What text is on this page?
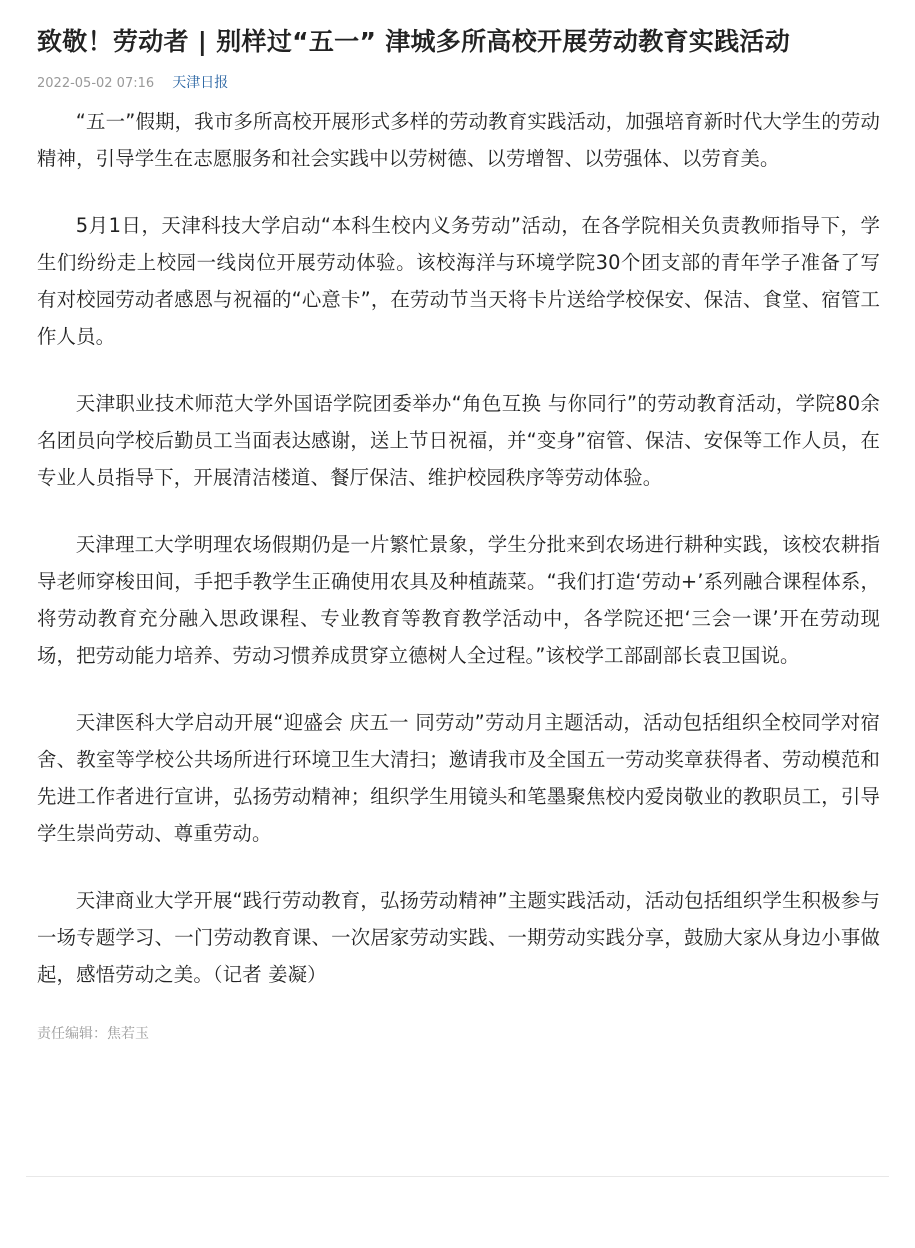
致敬！劳动者 | 别样过“五一” 津城多所高校开展劳动教育实践活动
2022-05-02 07:16 天津日报

“五一”假期，我市多所高校开展形式多样的劳动教育实践活动，加强培育新时代大学生的劳动精神，引导学生在志愿服务和社会实践中以劳树德、以劳增智、以劳强体、以劳育美。

5月1日，天津科技大学启动“本科生校内义务劳动”活动，在各学院相关负责教师指导下，学生们纷纷走上校园一线岗位开展劳动体验。该校海洋与环境学院30个团支部的青年学子准备了写有对校园劳动者感恩与祝福的“心意卡”，在劳动节当天将卡片送给学校保安、保洁、食堂、宿管工作人员。

天津职业技术师范大学外国语学院团委举办“角色互换 与你同行”的劳动教育活动，学院80余名团员向学校后勤员工当面表达感谢，送上节日祝福，并“变身”宿管、保洁、安保等工作人员，在专业人员指导下，开展清洁楼道、餐厅保洁、维护校园秩序等劳动体验。

天津理工大学明理农场假期仍是一片繁忙景象，学生分批来到农场进行耕种实践，该校农耕指导老师穿梭田间，手把手教学生正确使用农具及种植蔬菜。“我们打造‘劳动+’系列融合课程体系，将劳动教育充分融入思政课程、专业教育等教育教学活动中，各学院还把‘三会一课’开在劳动现场，把劳动能力培养、劳动习惯养成贯穿立德树人全过程。”该校学工部副部长袁卫国说。

天津医科大学启动开展“迎盛会 庆五一 同劳动”劳动月主题活动，活动包括组织全校同学对宿舍、教室等学校公共场所进行环境卫生大清扫；邀请我市及全国五一劳动奖章获得者、劳动模范和先进工作者进行宣讲，弘扬劳动精神；组织学生用镜头和笔墨聚焦校内爱岗敬业的教职员工，引导学生崇尚劳动、尊重劳动。

天津商业大学开展“践行劳动教育，弘扬劳动精神”主题实践活动，活动包括组织学生积极参与一场专题学习、一门劳动教育课、一次居家劳动实践、一期劳动实践分享，鼓励大家从身边小事做起，感悟劳动之美。（记者 姜凝）

责任编辑：焦若玉
